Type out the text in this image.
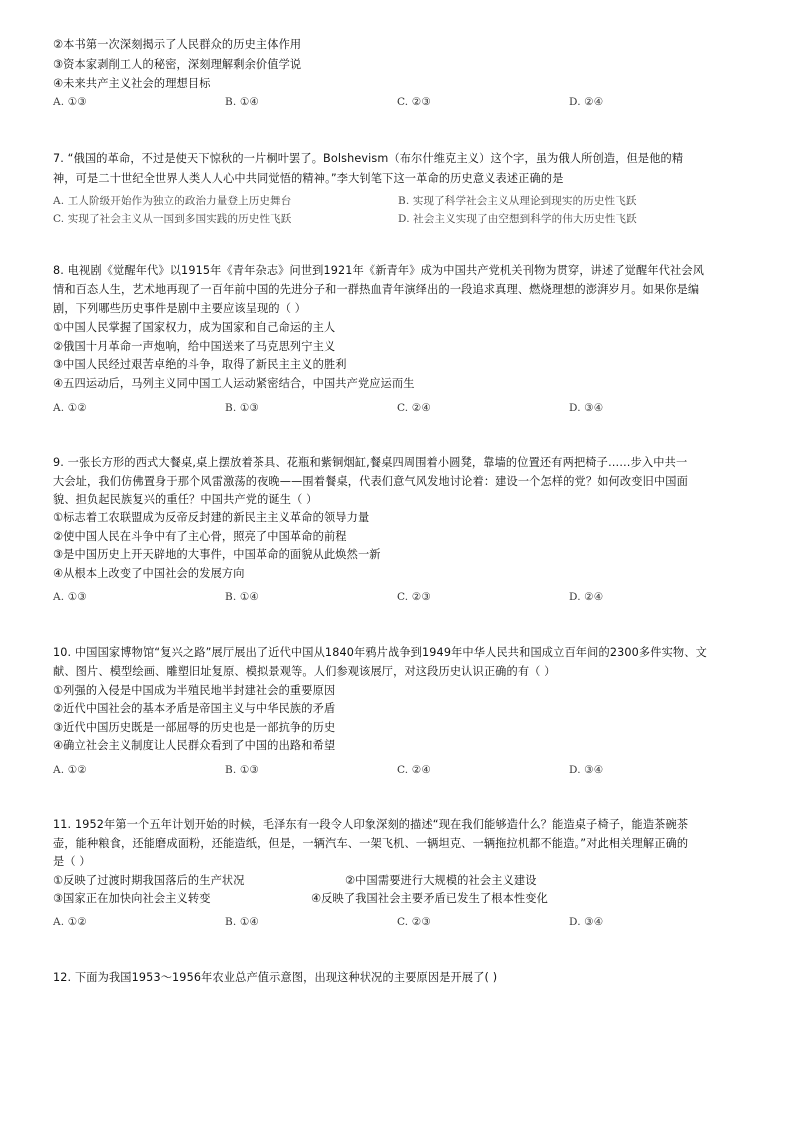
②本书第一次深刻揭示了人民群众的历史主体作用
③资本家剥削工人的秘密，深刻理解剩余价值学说
④未来共产主义社会的理想目标
A. ①③	B. ①④	C. ②③	D. ②④
7. “俄国的革命，不过是使天下惊秋的一片桐叶罢了。Bolshevism（布尔什维克主义）这个字，虽为俄人所创造，但是他的精
神，可是二十世纪全世界人类人人心中共同觉悟的精神。”李大钊笔下这一革命的历史意义表述正确的是
A. 工人阶级开始作为独立的政治力量登上历史舞台	B. 实现了科学社会主义从理论到现实的历史性飞跃
C. 实现了社会主义从一国到多国实践的历史性飞跃	D. 社会主义实现了由空想到科学的伟大历史性飞跃
8. 电视剧《觉醒年代》以1915年《青年杂志》问世到1921年《新青年》成为中国共产党机关刊物为贯穿，讲述了觉醒年代社会风
情和百态人生，艺术地再现了一百年前中国的先进分子和一群热血青年演绎出的一段追求真理、燃烧理想的澎湃岁月。如果你是编
剧，下列哪些历史事件是剧中主要应该呈现的（ ）
①中国人民掌握了国家权力，成为国家和自己命运的主人
②俄国十月革命一声炮响，给中国送来了马克思列宁主义
③中国人民经过艰苦卓绝的斗争，取得了新民主主义的胜利
④五四运动后，马列主义同中国工人运动紧密结合，中国共产党应运而生
A. ①②	B. ①③	C. ②④	D. ③④
9. 一张长方形的西式大餐桌,桌上摆放着茶具、花瓶和紫铜烟缸,餐桌四周围着小圆凳，靠墙的位置还有两把椅子……步入中共一
大会址，我们仿佛置身于那个风雷激荡的夜晚——围着餐桌，代表们意气风发地讨论着：建设一个怎样的党？如何改变旧中国面
貌、担负起民族复兴的重任？中国共产党的诞生（ ）
①标志着工农联盟成为反帝反封建的新民主主义革命的领导力量
②使中国人民在斗争中有了主心骨，照亮了中国革命的前程
③是中国历史上开天辟地的大事件，中国革命的面貌从此焕然一新
④从根本上改变了中国社会的发展方向
A. ①③	B. ①④	C. ②③	D. ②④
10. 中国国家博物馆“复兴之路”展厅展出了近代中国从1840年鸦片战争到1949年中华人民共和国成立百年间的2300多件实物、文
献、图片、模型绘画、雕塑旧址复原、模拟景观等。人们参观该展厅，对这段历史认识正确的有（ ）
①列强的入侵是中国成为半殖民地半封建社会的重要原因
②近代中国社会的基本矛盾是帝国主义与中华民族的矛盾
③近代中国历史既是一部屈辱的历史也是一部抗争的历史
④确立社会主义制度让人民群众看到了中国的出路和希望
A. ①②	B. ①③	C. ②④	D. ③④
11. 1952年第一个五年计划开始的时候，毛泽东有一段令人印象深刻的描述“现在我们能够造什么？能造桌子椅子，能造茶碗茶
壶，能种粮食，还能磨成面粉，还能造纸，但是，一辆汽车、一架飞机、一辆坦克、一辆拖拉机都不能造。”对此相关理解正确的
是（ ）
①反映了过渡时期我国落后的生产状况	②中国需要进行大规模的社会主义建设
③国家正在加快向社会主义转变	④反映了我国社会主要矛盾已发生了根本性变化
A. ①②	B. ①④	C. ②③	D. ③④
12. 下面为我国1953～1956年农业总产值示意图，出现这种状况的主要原因是开展了( )
